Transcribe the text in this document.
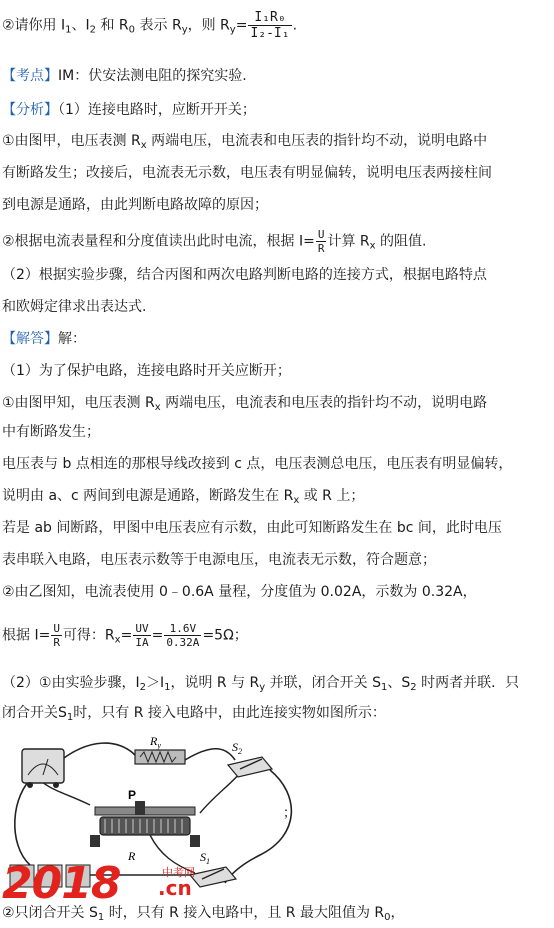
②请你用 $I_1$、$I_2$ 和 $R_0$ 表示 $R_y$，则 $R_y= \frac{\text{I₁R₀}}{\text{I₂-I₁}}$ .
【考点】IM：伏安法测电阻的探究实验.
【分析】（1）连接电路时，应断开开关；
①由图甲，电压表测 $R_x$ 两端电压，电流表和电压表的指针均不动，说明电路中
有断路发生；改接后，电流表无示数，电压表有明显偏转，说明电压表两接柱间
到电源是通路，由此判断电路故障的原因；
②根据电流表量程和分度值读出此时电流，根据 $I= \frac{U}{R}$ 计算 $R_x$ 的阻值.
（2）根据实验步骤，结合丙图和两次电路判断电路的连接方式，根据电路特点
和欧姆定律求出表达式.
【解答】解：
（1）为了保护电路，连接电路时开关应断开；
①由图甲知，电压表测 $R_x$ 两端电压，电流表和电压表的指针均不动，说明电路
中有断路发生；
电压表与 b 点相连的那根导线改接到 c 点，电压表测总电压，电压表有明显偏转，
说明由 a、c 两间到电源是通路，断路发生在 $R_x$ 或 R 上；
若是 ab 间断路，甲图中电压表应有示数，由此可知断路发生在 bc 间，此时电压
表串联入电路，电压表示数等于电源电压，电流表无示数，符合题意；
②由乙图知，电流表使用 0﹣0.6A 量程，分度值为 0.02A，示数为 0.32A，
根据 $I= \frac{U}{R}$ 可得：$R_x= \frac{UV}{IA} = \frac{1.6V}{0.32A} =5\Omega$；
（2）①由实验步骤，$I_2>I_1$，说明 R 与 $R_y$ 并联，闭合开关 $S_1$、$S_2$ 时两者并联．只
闭合开关$S_1$时，只有 R 接入电路中，由此连接实物如图所示：
$R_y$	$S_2$
P
R	$S_1$
；
2018	中考网
.cn
②只闭合开关 $S_1$ 时，只有 R 接入电路中，且 R 最大阻值为 $R_0$，
